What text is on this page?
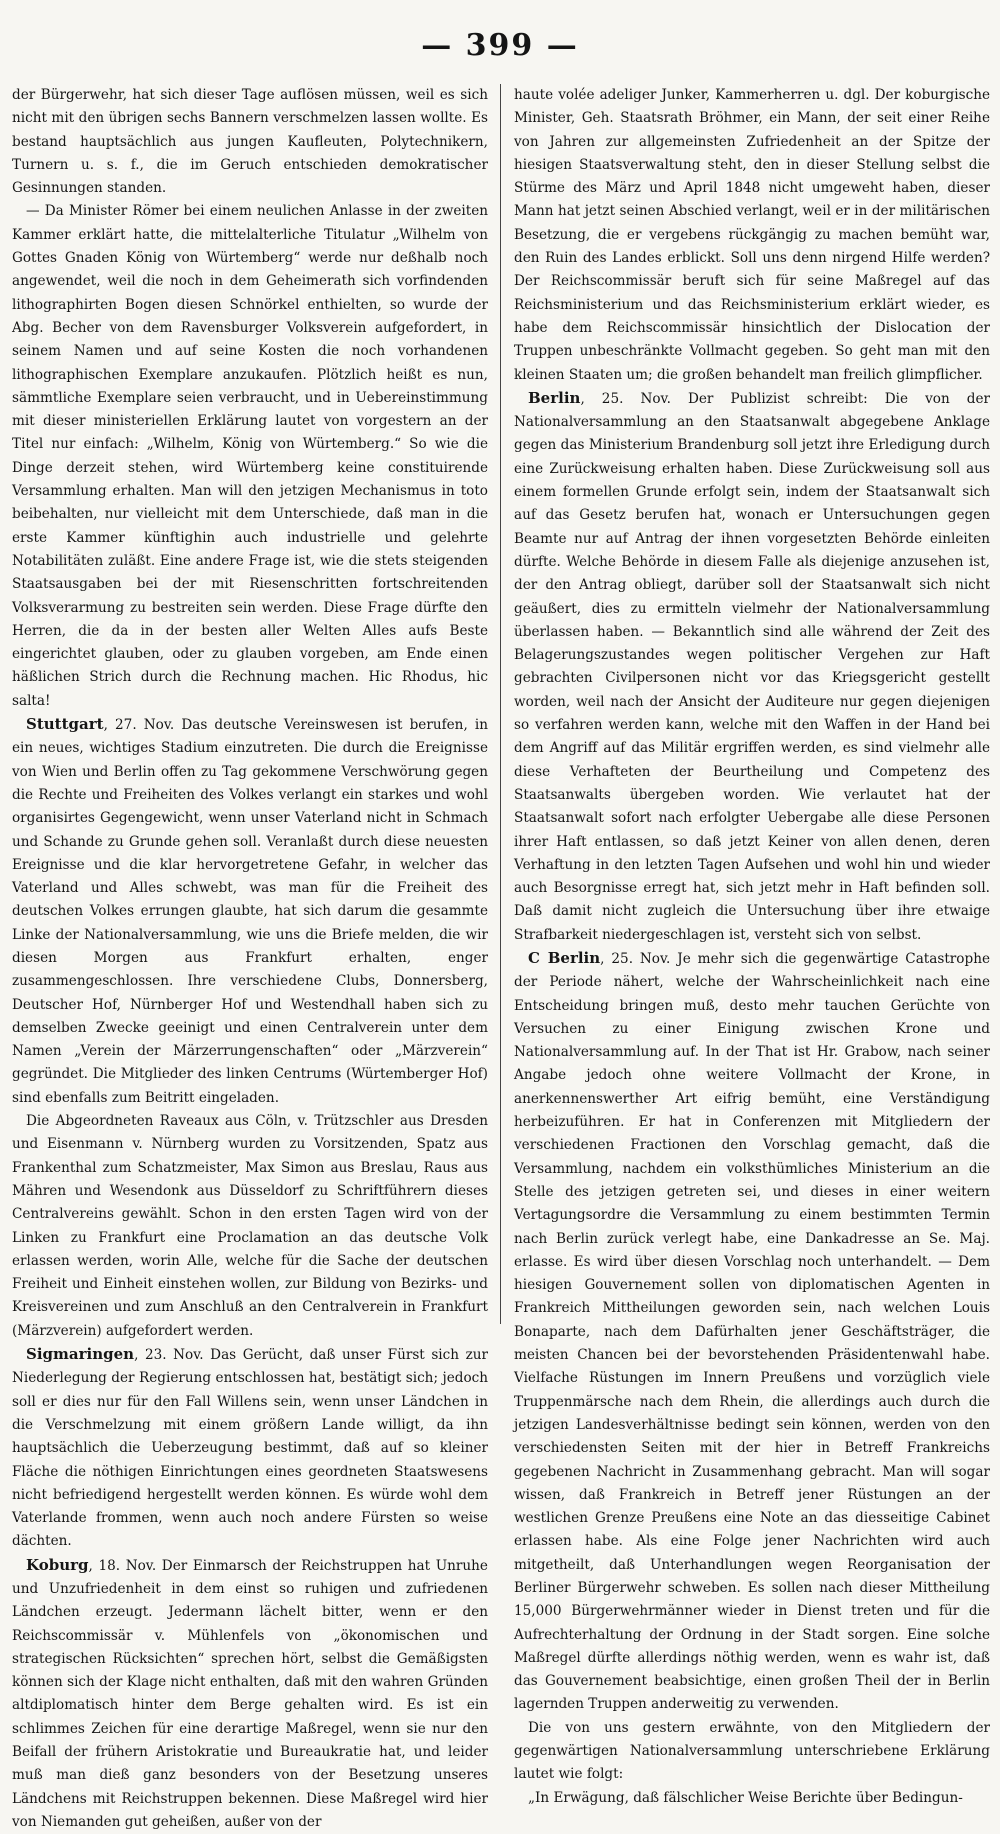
— 399 —

der Bürgerwehr, hat sich dieser Tage auflösen müssen, weil es sich nicht mit den übrigen sechs Bannern verschmelzen lassen wollte. Es bestand hauptsächlich aus jungen Kaufleuten, Polytechnikern, Turnern u. s. f., die im Geruch entschieden demokratischer Gesinnungen standen.

— Da Minister Römer bei einem neulichen Anlasse in der zweiten Kammer erklärt hatte, die mittelalterliche Titulatur „Wilhelm von Gottes Gnaden König von Würtemberg“ werde nur deßhalb noch angewendet, weil die noch in dem Geheimerath sich vorfindenden lithographirten Bogen diesen Schnörkel enthielten, so wurde der Abg. Becher von dem Ravensburger Volksverein aufgefordert, in seinem Namen und auf seine Kosten die noch vorhandenen lithographischen Exemplare anzukaufen. Plötzlich heißt es nun, sämmtliche Exemplare seien verbraucht, und in Uebereinstimmung mit dieser ministeriellen Erklärung lautet von vorgestern an der Titel nur einfach: „Wilhelm, König von Würtemberg.“ So wie die Dinge derzeit stehen, wird Würtemberg keine constituirende Versammlung erhalten. Man will den jetzigen Mechanismus in toto beibehalten, nur vielleicht mit dem Unterschiede, daß man in die erste Kammer künftighin auch industrielle und gelehrte Notabilitäten zuläßt. Eine andere Frage ist, wie die stets steigenden Staatsausgaben bei der mit Riesenschritten fortschreitenden Volksverarmung zu bestreiten sein werden. Diese Frage dürfte den Herren, die da in der besten aller Welten Alles aufs Beste eingerichtet glauben, oder zu glauben vorgeben, am Ende einen häßlichen Strich durch die Rechnung machen. Hic Rhodus, hic salta!

Stuttgart, 27. Nov. Das deutsche Vereinswesen ist berufen, in ein neues, wichtiges Stadium einzutreten. Die durch die Ereignisse von Wien und Berlin offen zu Tag gekommene Verschwörung gegen die Rechte und Freiheiten des Volkes verlangt ein starkes und wohl organisirtes Gegengewicht, wenn unser Vaterland nicht in Schmach und Schande zu Grunde gehen soll. Veranlaßt durch diese neuesten Ereignisse und die klar hervorgetretene Gefahr, in welcher das Vaterland und Alles schwebt, was man für die Freiheit des deutschen Volkes errungen glaubte, hat sich darum die gesammte Linke der Nationalversammlung, wie uns die Briefe melden, die wir diesen Morgen aus Frankfurt erhalten, enger zusammengeschlossen. Ihre verschiedene Clubs, Donnersberg, Deutscher Hof, Nürnberger Hof und Westendhall haben sich zu demselben Zwecke geeinigt und einen Centralverein unter dem Namen „Verein der Märzerrungenschaften“ oder „Märzverein“ gegründet. Die Mitglieder des linken Centrums (Würtemberger Hof) sind ebenfalls zum Beitritt eingeladen.

Die Abgeordneten Raveaux aus Cöln, v. Trützschler aus Dresden und Eisenmann v. Nürnberg wurden zu Vorsitzenden, Spatz aus Frankenthal zum Schatzmeister, Max Simon aus Breslau, Raus aus Mähren und Wesendonk aus Düsseldorf zu Schriftführern dieses Centralvereins gewählt. Schon in den ersten Tagen wird von der Linken zu Frankfurt eine Proclamation an das deutsche Volk erlassen werden, worin Alle, welche für die Sache der deutschen Freiheit und Einheit einstehen wollen, zur Bildung von Bezirks- und Kreisvereinen und zum Anschluß an den Centralverein in Frankfurt (Märzverein) aufgefordert werden.

Sigmaringen, 23. Nov. Das Gerücht, daß unser Fürst sich zur Niederlegung der Regierung entschlossen hat, bestätigt sich; jedoch soll er dies nur für den Fall Willens sein, wenn unser Ländchen in die Verschmelzung mit einem größern Lande willigt, da ihn hauptsächlich die Ueberzeugung bestimmt, daß auf so kleiner Fläche die nöthigen Einrichtungen eines geordneten Staatswesens nicht befriedigend hergestellt werden können. Es würde wohl dem Vaterlande frommen, wenn auch noch andere Fürsten so weise dächten.

Koburg, 18. Nov. Der Einmarsch der Reichstruppen hat Unruhe und Unzufriedenheit in dem einst so ruhigen und zufriedenen Ländchen erzeugt. Jedermann lächelt bitter, wenn er den Reichscommissär v. Mühlenfels von „ökonomischen und strategischen Rücksichten“ sprechen hört, selbst die Gemäßigsten können sich der Klage nicht enthalten, daß mit den wahren Gründen altdiplomatisch hinter dem Berge gehalten wird. Es ist ein schlimmes Zeichen für eine derartige Maßregel, wenn sie nur den Beifall der frühern Aristokratie und Bureaukratie hat, und leider muß man dieß ganz besonders von der Besetzung unseres Ländchens mit Reichstruppen bekennen. Diese Maßregel wird hier von Niemanden gut geheißen, außer von der

haute volée adeliger Junker, Kammerherren u. dgl. Der koburgische Minister, Geh. Staatsrath Bröhmer, ein Mann, der seit einer Reihe von Jahren zur allgemeinsten Zufriedenheit an der Spitze der hiesigen Staatsverwaltung steht, den in dieser Stellung selbst die Stürme des März und April 1848 nicht umgeweht haben, dieser Mann hat jetzt seinen Abschied verlangt, weil er in der militärischen Besetzung, die er vergebens rückgängig zu machen bemüht war, den Ruin des Landes erblickt. Soll uns denn nirgend Hilfe werden? Der Reichscommissär beruft sich für seine Maßregel auf das Reichsministerium und das Reichsministerium erklärt wieder, es habe dem Reichscommissär hinsichtlich der Dislocation der Truppen unbeschränkte Vollmacht gegeben. So geht man mit den kleinen Staaten um; die großen behandelt man freilich glimpflicher.

Berlin, 25. Nov. Der Publizist schreibt: Die von der Nationalversammlung an den Staatsanwalt abgegebene Anklage gegen das Ministerium Brandenburg soll jetzt ihre Erledigung durch eine Zurückweisung erhalten haben. Diese Zurückweisung soll aus einem formellen Grunde erfolgt sein, indem der Staatsanwalt sich auf das Gesetz berufen hat, wonach er Untersuchungen gegen Beamte nur auf Antrag der ihnen vorgesetzten Behörde einleiten dürfte. Welche Behörde in diesem Falle als diejenige anzusehen ist, der den Antrag obliegt, darüber soll der Staatsanwalt sich nicht geäußert, dies zu ermitteln vielmehr der Nationalversammlung überlassen haben. — Bekanntlich sind alle während der Zeit des Belagerungszustandes wegen politischer Vergehen zur Haft gebrachten Civilpersonen nicht vor das Kriegsgericht gestellt worden, weil nach der Ansicht der Auditeure nur gegen diejenigen so verfahren werden kann, welche mit den Waffen in der Hand bei dem Angriff auf das Militär ergriffen werden, es sind vielmehr alle diese Verhafteten der Beurtheilung und Competenz des Staatsanwalts übergeben worden. Wie verlautet hat der Staatsanwalt sofort nach erfolgter Uebergabe alle diese Personen ihrer Haft entlassen, so daß jetzt Keiner von allen denen, deren Verhaftung in den letzten Tagen Aufsehen und wohl hin und wieder auch Besorgnisse erregt hat, sich jetzt mehr in Haft befinden soll. Daß damit nicht zugleich die Untersuchung über ihre etwaige Strafbarkeit niedergeschlagen ist, versteht sich von selbst.

C Berlin, 25. Nov. Je mehr sich die gegenwärtige Catastrophe der Periode nähert, welche der Wahrscheinlichkeit nach eine Entscheidung bringen muß, desto mehr tauchen Gerüchte von Versuchen zu einer Einigung zwischen Krone und Nationalversammlung auf. In der That ist Hr. Grabow, nach seiner Angabe jedoch ohne weitere Vollmacht der Krone, in anerkennenswerther Art eifrig bemüht, eine Verständigung herbeizuführen. Er hat in Conferenzen mit Mitgliedern der verschiedenen Fractionen den Vorschlag gemacht, daß die Versammlung, nachdem ein volksthümliches Ministerium an die Stelle des jetzigen getreten sei, und dieses in einer weitern Vertagungsordre die Versammlung zu einem bestimmten Termin nach Berlin zurück verlegt habe, eine Dankadresse an Se. Maj. erlasse. Es wird über diesen Vorschlag noch unterhandelt. — Dem hiesigen Gouvernement sollen von diplomatischen Agenten in Frankreich Mittheilungen geworden sein, nach welchen Louis Bonaparte, nach dem Dafürhalten jener Geschäftsträger, die meisten Chancen bei der bevorstehenden Präsidentenwahl habe. Vielfache Rüstungen im Innern Preußens und vorzüglich viele Truppenmärsche nach dem Rhein, die allerdings auch durch die jetzigen Landesverhältnisse bedingt sein können, werden von den verschiedensten Seiten mit der hier in Betreff Frankreichs gegebenen Nachricht in Zusammenhang gebracht. Man will sogar wissen, daß Frankreich in Betreff jener Rüstungen an der westlichen Grenze Preußens eine Note an das diesseitige Cabinet erlassen habe. Als eine Folge jener Nachrichten wird auch mitgetheilt, daß Unterhandlungen wegen Reorganisation der Berliner Bürgerwehr schweben. Es sollen nach dieser Mittheilung 15,000 Bürgerwehrmänner wieder in Dienst treten und für die Aufrechterhaltung der Ordnung in der Stadt sorgen. Eine solche Maßregel dürfte allerdings nöthig werden, wenn es wahr ist, daß das Gouvernement beabsichtige, einen großen Theil der in Berlin lagernden Truppen anderweitig zu verwenden.

Die von uns gestern erwähnte, von den Mitgliedern der gegenwärtigen Nationalversammlung unterschriebene Erklärung lautet wie folgt:

„In Erwägung, daß fälschlicher Weise Berichte über Bedingun-
